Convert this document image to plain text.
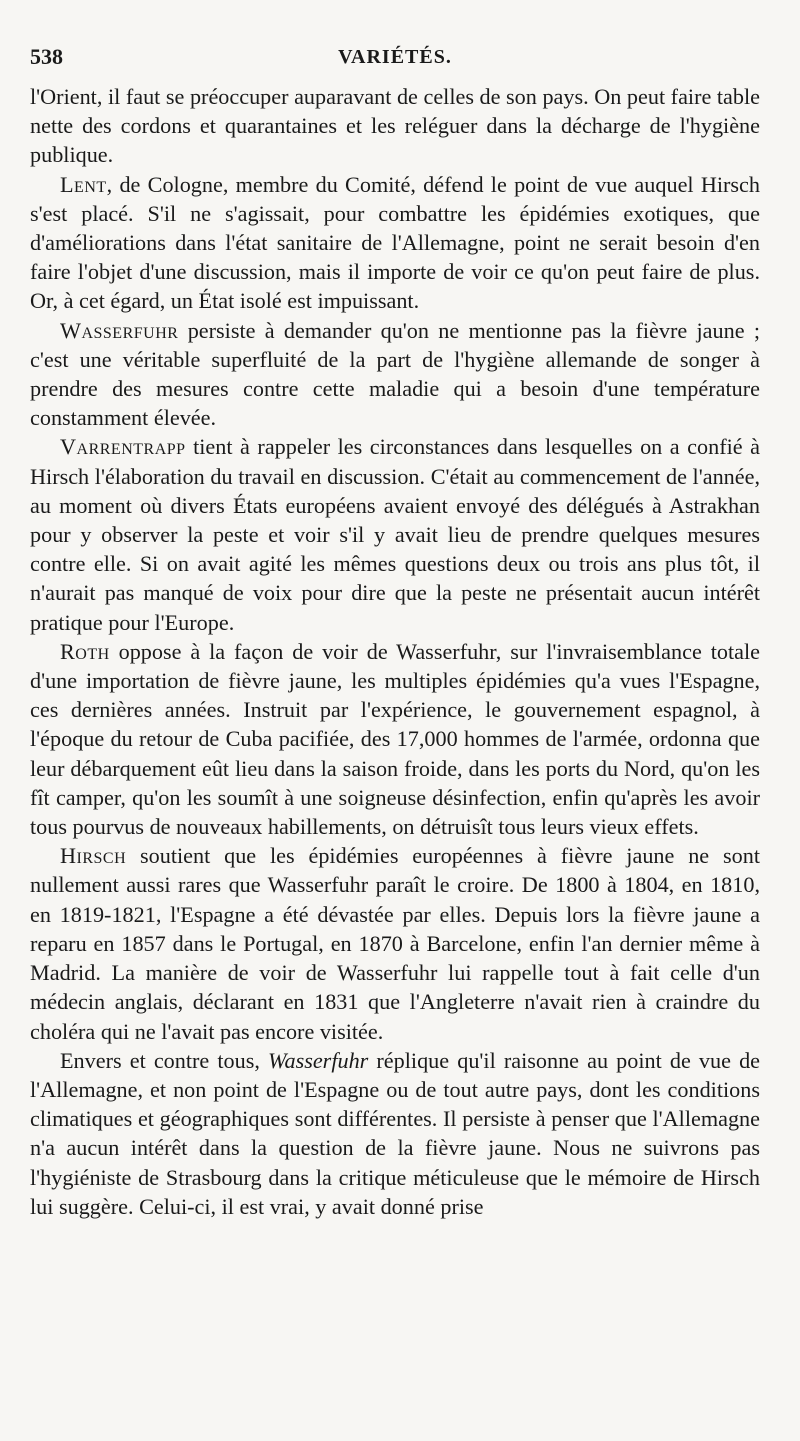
538	VARIÉTÉS.

l'Orient, il faut se préoccuper auparavant de celles de son pays. On peut faire table nette des cordons et quarantaines et les reléguer dans la décharge de l'hygiène publique.

Lent, de Cologne, membre du Comité, défend le point de vue auquel Hirsch s'est placé. S'il ne s'agissait, pour combattre les épidémies exotiques, que d'améliorations dans l'état sanitaire de l'Allemagne, point ne serait besoin d'en faire l'objet d'une discussion, mais il importe de voir ce qu'on peut faire de plus. Or, à cet égard, un État isolé est impuissant.

Wasserfuhr persiste à demander qu'on ne mentionne pas la fièvre jaune ; c'est une véritable superfluité de la part de l'hygiène allemande de songer à prendre des mesures contre cette maladie qui a besoin d'une température constamment élevée.

Varrentrapp tient à rappeler les circonstances dans lesquelles on a confié à Hirsch l'élaboration du travail en discussion. C'était au commencement de l'année, au moment où divers États européens avaient envoyé des délégués à Astrakhan pour y observer la peste et voir s'il y avait lieu de prendre quelques mesures contre elle. Si on avait agité les mêmes questions deux ou trois ans plus tôt, il n'aurait pas manqué de voix pour dire que la peste ne présentait aucun intérêt pratique pour l'Europe.

Roth oppose à la façon de voir de Wasserfuhr, sur l'invraisemblance totale d'une importation de fièvre jaune, les multiples épidémies qu'a vues l'Espagne, ces dernières années. Instruit par l'expérience, le gouvernement espagnol, à l'époque du retour de Cuba pacifiée, des 17,000 hommes de l'armée, ordonna que leur débarquement eût lieu dans la saison froide, dans les ports du Nord, qu'on les fît camper, qu'on les soumît à une soigneuse désinfection, enfin qu'après les avoir tous pourvus de nouveaux habillements, on détruisît tous leurs vieux effets.

Hirsch soutient que les épidémies européennes à fièvre jaune ne sont nullement aussi rares que Wasserfuhr paraît le croire. De 1800 à 1804, en 1810, en 1819-1821, l'Espagne a été dévastée par elles. Depuis lors la fièvre jaune a reparu en 1857 dans le Portugal, en 1870 à Barcelone, enfin l'an dernier même à Madrid. La manière de voir de Wasserfuhr lui rappelle tout à fait celle d'un médecin anglais, déclarant en 1831 que l'Angleterre n'avait rien à craindre du choléra qui ne l'avait pas encore visitée.

Envers et contre tous, Wasserfuhr réplique qu'il raisonne au point de vue de l'Allemagne, et non point de l'Espagne ou de tout autre pays, dont les conditions climatiques et géographiques sont différentes. Il persiste à penser que l'Allemagne n'a aucun intérêt dans la question de la fièvre jaune. Nous ne suivrons pas l'hygiéniste de Strasbourg dans la critique méticuleuse que le mémoire de Hirsch lui suggère. Celui-ci, il est vrai, y avait donné prise
